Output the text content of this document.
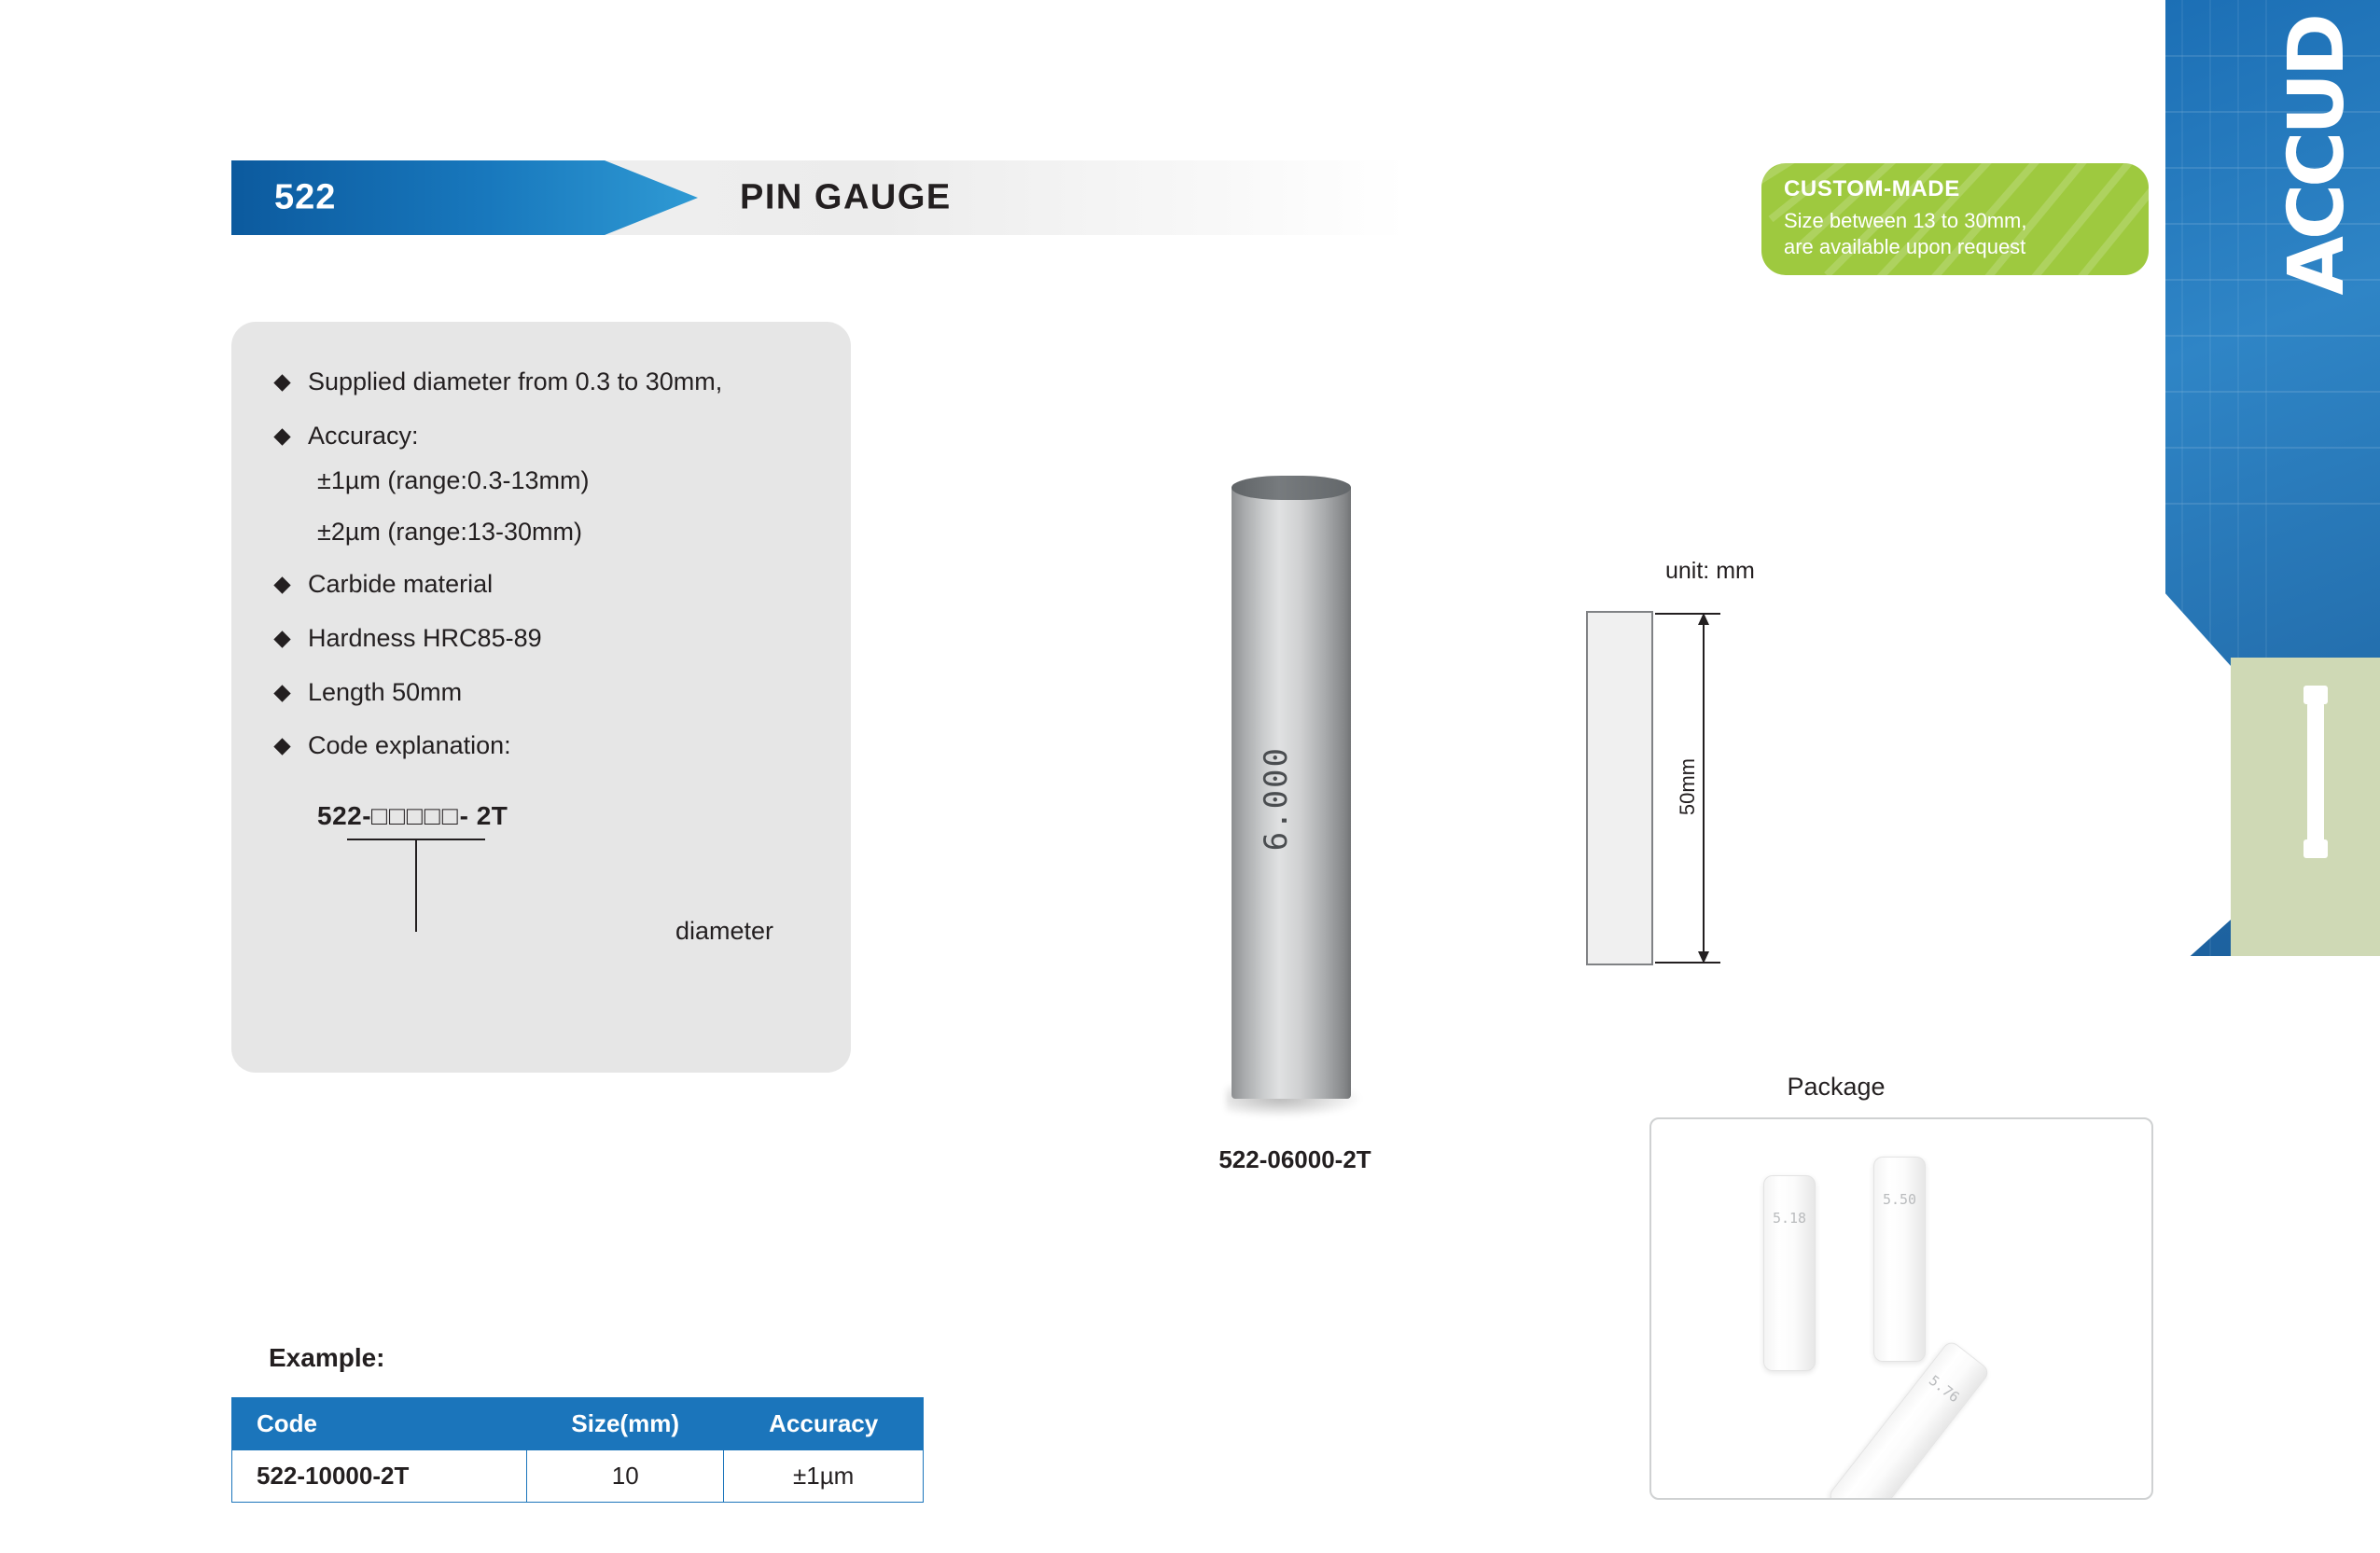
ACCUD
522	PIN GAUGE	CUSTOM-MADE
Size between 13 to 30mm,
are available upon request
Supplied diameter from 0.3 to 30mm,
Accuracy:
±1µm (range:0.3-13mm)
±2µm (range:13-30mm)
Carbide material
Hardness HRC85-89
Length 50mm
Code explanation:
522-□□□□□- 2T
diameter
6.000
522-06000-2T
unit: mm
50mm
Package
5.18
5.50
5.76
Example:
Code	Size(mm)	Accuracy
522-10000-2T	10	±1µm
